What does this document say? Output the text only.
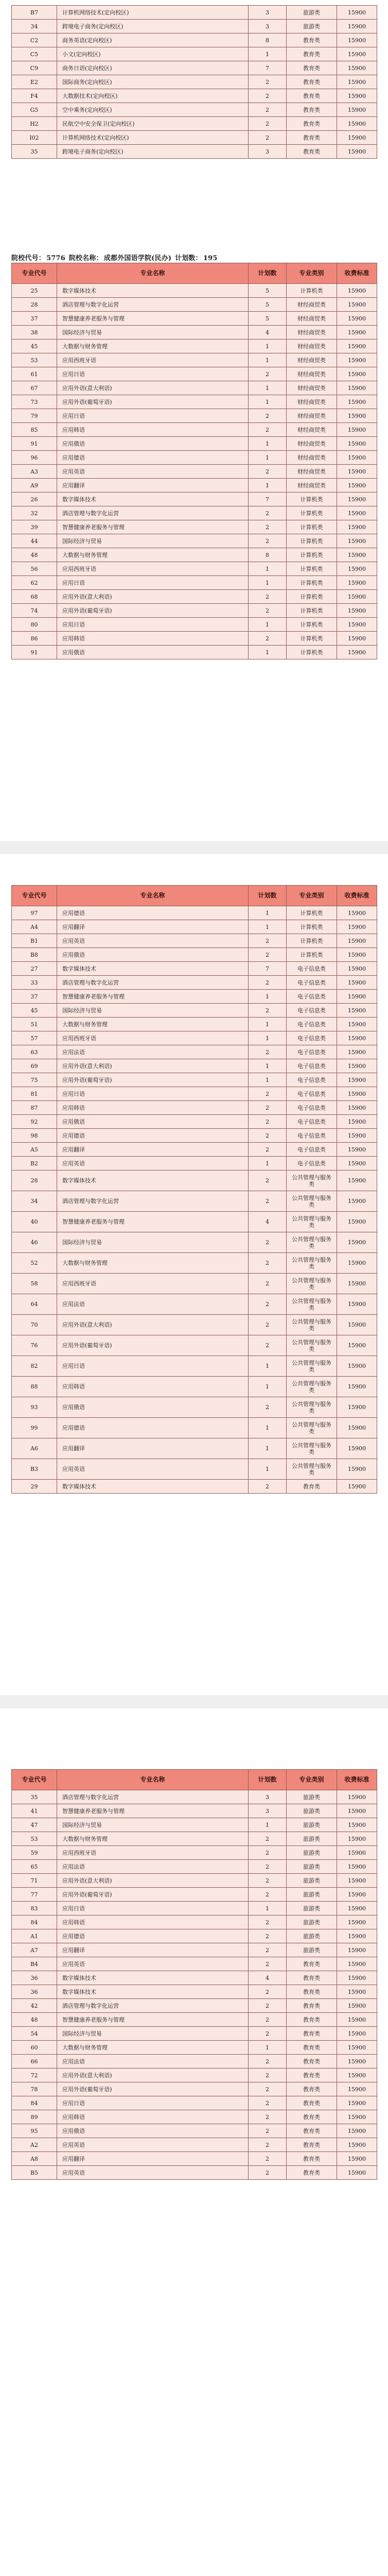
B7	计算机网络技术(定向校区)	3	旅游类	15900
34	跨境电子商务(定向校区)	3	旅游类	15900
C2	商务英语(定向校区)	8	教育类	15900
C5	小文(定向校区)	1	教育类	15900
C9	商务日语(定向校区)	7	教育类	15900
E2	国际商务(定向校区)	2	教育类	15900
F4	大数据技术(定向校区)	2	教育类	15900
G5	空中乘务(定向校区)	2	教育类	15900
H2	民航空中安全保卫(定向校区)	2	教育类	15900
I02	计算机网络技术(定向校区)	2	教育类	15900
35	跨境电子商务(定向校区)	3	教育类	15900
院校代号： 5776 院校名称： 成都外国语学院(民办) 计划数： 195
专业代号	专业名称	计划数	专业类别	收费标准
25	数字媒体技术	5	计算机类	15900
28	酒店管理与数字化运营	5	财经商贸类	15900
37	智慧健康养老服务与管理	5	财经商贸类	15900
38	国际经济与贸易	4	财经商贸类	15900
45	大数据与财务管理	1	财经商贸类	15900
53	应用西班牙语	1	财经商贸类	15900
61	应用日语	2	财经商贸类	15900
67	应用外语(意大利语)	1	财经商贸类	15900
73	应用外语(葡萄牙语)	1	财经商贸类	15900
79	应用日语	2	财经商贸类	15900
85	应用韩语	2	财经商贸类	15900
91	应用俄语	1	财经商贸类	15900
96	应用德语	1	财经商贸类	15900
A3	应用英语	2	财经商贸类	15900
A9	应用翻译	1	财经商贸类	15900
26	数字媒体技术	7	计算机类	15900
32	酒店管理与数字化运营	2	计算机类	15900
39	智慧健康养老服务与管理	2	计算机类	15900
44	国际经济与贸易	2	计算机类	15900
48	大数据与财务管理	8	计算机类	15900
56	应用西班牙语	1	计算机类	15900
62	应用日语	1	计算机类	15900
68	应用外语(意大利语)	2	计算机类	15900
74	应用外语(葡萄牙语)	2	计算机类	15900
80	应用日语	1	计算机类	15900
86	应用韩语	2	计算机类	15900
91	应用俄语	1	计算机类	15900
专业代号	专业名称	计划数	专业类别	收费标准
97	应用德语	1	计算机类	15900
A4	应用翻译	1	计算机类	15900
B1	应用英语	2	计算机类	15900
B8	应用俄语	2	计算机类	15900
27	数字媒体技术	7	电子信息类	15900
33	酒店管理与数字化运营	2	电子信息类	15900
37	智慧健康养老服务与管理	1	电子信息类	15900
45	国际经济与贸易	2	电子信息类	15900
51	大数据与财务管理	1	电子信息类	15900
57	应用西班牙语	1	电子信息类	15900
63	应用法语	2	电子信息类	15900
69	应用外语(意大利语)	1	电子信息类	15900
75	应用外语(葡萄牙语)	1	电子信息类	15900
81	应用日语	2	电子信息类	15900
87	应用韩语	2	电子信息类	15900
92	应用俄语	2	电子信息类	15900
98	应用德语	2	电子信息类	15900
A5	应用翻译	2	电子信息类	15900
B2	应用英语	1	电子信息类	15900
28	数字媒体技术	2	公共管理与服务类	15900
34	酒店管理与数字化运营	2	公共管理与服务类	15900
40	智慧健康养老服务与管理	4	公共管理与服务类	15900
46	国际经济与贸易	2	公共管理与服务类	15900
52	大数据与财务管理	2	公共管理与服务类	15900
58	应用西班牙语	2	公共管理与服务类	15900
64	应用法语	2	公共管理与服务类	15900
70	应用外语(意大利语)	2	公共管理与服务类	15900
76	应用外语(葡萄牙语)	2	公共管理与服务类	15900
82	应用日语	1	公共管理与服务类	15900
88	应用韩语	1	公共管理与服务类	15900
93	应用俄语	2	公共管理与服务类	15900
99	应用德语	1	公共管理与服务类	15900
A6	应用翻译	1	公共管理与服务类	15900
B3	应用英语	1	公共管理与服务类	15900
29	数字媒体技术	2	教育类	15900
专业代号	专业名称	计划数	专业类别	收费标准
35	酒店管理与数字化运营	3	旅游类	15900
41	智慧健康养老服务与管理	3	旅游类	15900
47	国际经济与贸易	1	旅游类	15900
53	大数据与财务管理	2	旅游类	15900
59	应用西班牙语	2	旅游类	15900
65	应用法语	2	旅游类	15900
71	应用外语(意大利语)	2	旅游类	15900
77	应用外语(葡萄牙语)	2	旅游类	15900
83	应用日语	1	旅游类	15900
84	应用韩语	2	旅游类	15900
A1	应用德语	2	旅游类	15900
A7	应用翻译	2	旅游类	15900
B4	应用英语	2	教育类	15900
36	数字媒体技术	4	教育类	15900
36	数字媒体技术	2	教育类	15900
42	酒店管理与数字化运营	2	教育类	15900
48	智慧健康养老服务与管理	2	教育类	15900
54	国际经济与贸易	2	教育类	15900
60	大数据与财务管理	1	教育类	15900
66	应用法语	2	教育类	15900
72	应用外语(意大利语)	2	教育类	15900
78	应用外语(葡萄牙语)	2	教育类	15900
84	应用日语	2	教育类	15900
89	应用韩语	2	教育类	15900
95	应用俄语	2	教育类	15900
A2	应用英语	2	教育类	15900
A8	应用翻译	2	教育类	15900
B5	应用英语	2	教育类	15900
